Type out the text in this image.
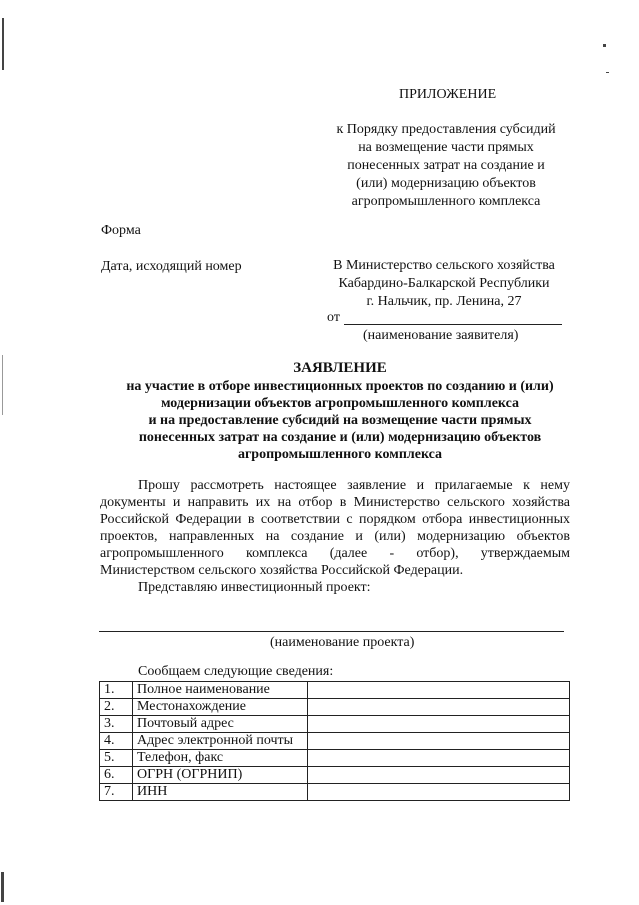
ПРИЛОЖЕНИЕ
к Порядку предоставления субсидий
на возмещение части прямых
понесенных затрат на создание и
(или) модернизацию объектов
агропромышленного комплекса
Форма
Дата, исходящий номер	В Министерство сельского хозяйства
Кабардино-Балкарской Республики
г. Нальчик, пр. Ленина, 27
от
(наименование заявителя)
ЗАЯВЛЕНИЕ
на участие в отборе инвестиционных проектов по созданию и (или)
модернизации объектов агропромышленного комплекса
и на предоставление субсидий на возмещение части прямых
понесенных затрат на создание и (или) модернизацию объектов
агропромышленного комплекса

Прошу рассмотреть настоящее заявление и прилагаемые к нему документы и направить их на отбор в Министерство сельского хозяйства Российской Федерации в соответствии с порядком отбора инвестиционных проектов, направленных на создание и (или) модернизацию объектов агропромышленного комплекса (далее - отбор), утверждаемым Министерством сельского хозяйства Российской Федерации.

Представляю инвестиционный проект:

(наименование проекта)
Сообщаем следующие сведения:
1.	Полное наименование	
2.	Местонахождение	
3.	Почтовый адрес	
4.	Адрес электронной почты	
5.	Телефон, факс	
6.	ОГРН (ОГРНИП)	
7.	ИНН	
